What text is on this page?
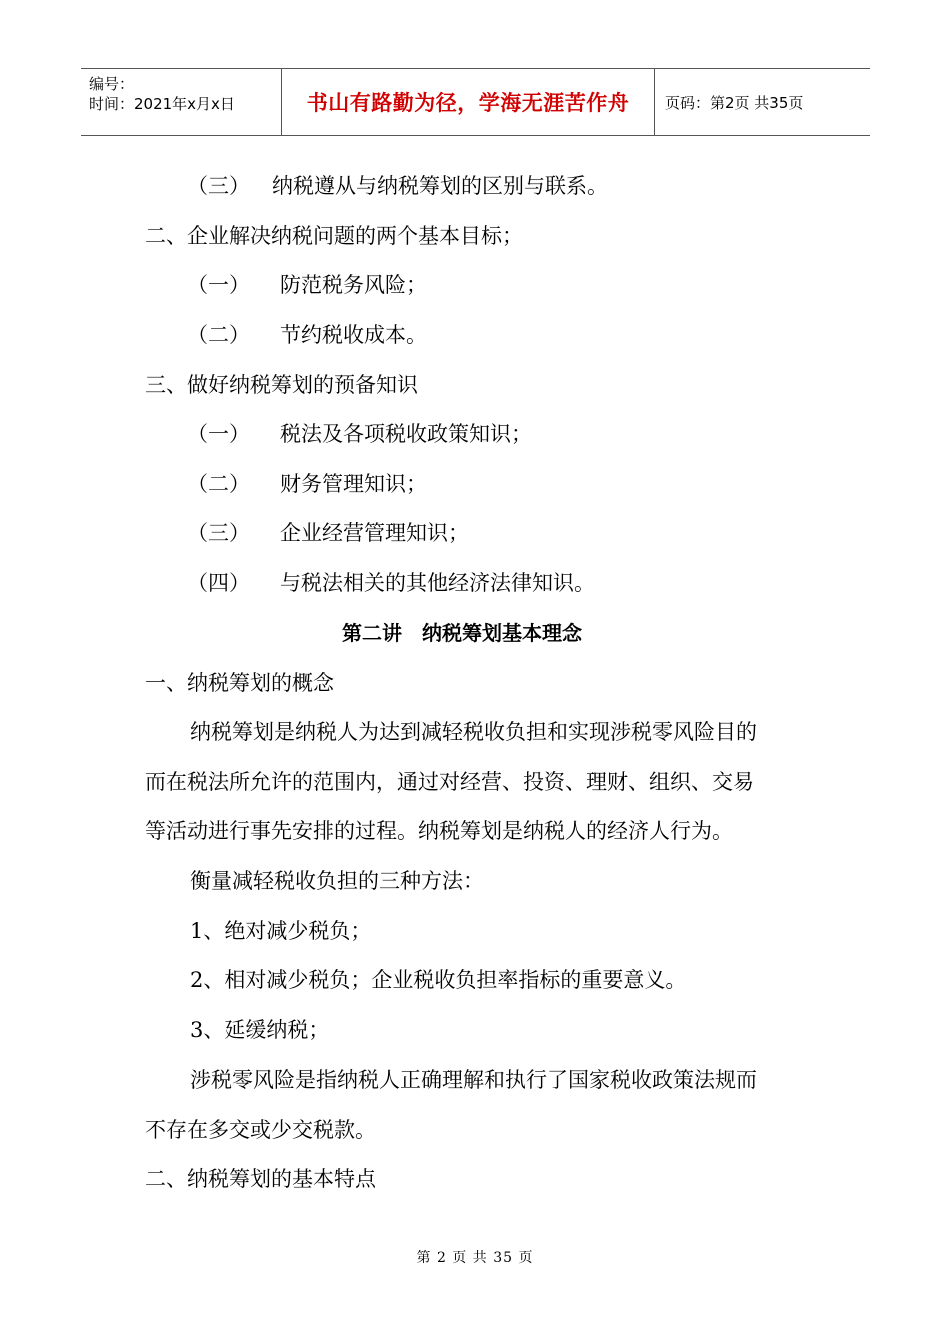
编号：
时间：2021年x月x日	书山有路勤为径，学海无涯苦作舟 页码：第2页 共35页
（三） 纳税遵从与纳税筹划的区别与联系。
二、企业解决纳税问题的两个基本目标；
（一） 防范税务风险；
（二） 节约税收成本。
三、做好纳税筹划的预备知识
（一） 税法及各项税收政策知识；
（二） 财务管理知识；
（三） 企业经营管理知识；
（四） 与税法相关的其他经济法律知识。
第二讲　纳税筹划基本理念
一、纳税筹划的概念
纳税筹划是纳税人为达到减轻税收负担和实现涉税零风险目的
而在税法所允许的范围内，通过对经营、投资、理财、组织、交易
等活动进行事先安排的过程。纳税筹划是纳税人的经济人行为。
衡量减轻税收负担的三种方法：
1、绝对减少税负；
2、相对减少税负；企业税收负担率指标的重要意义。
3、延缓纳税；
涉税零风险是指纳税人正确理解和执行了国家税收政策法规而
不存在多交或少交税款。
二、纳税筹划的基本特点
第 2 页 共 35 页
